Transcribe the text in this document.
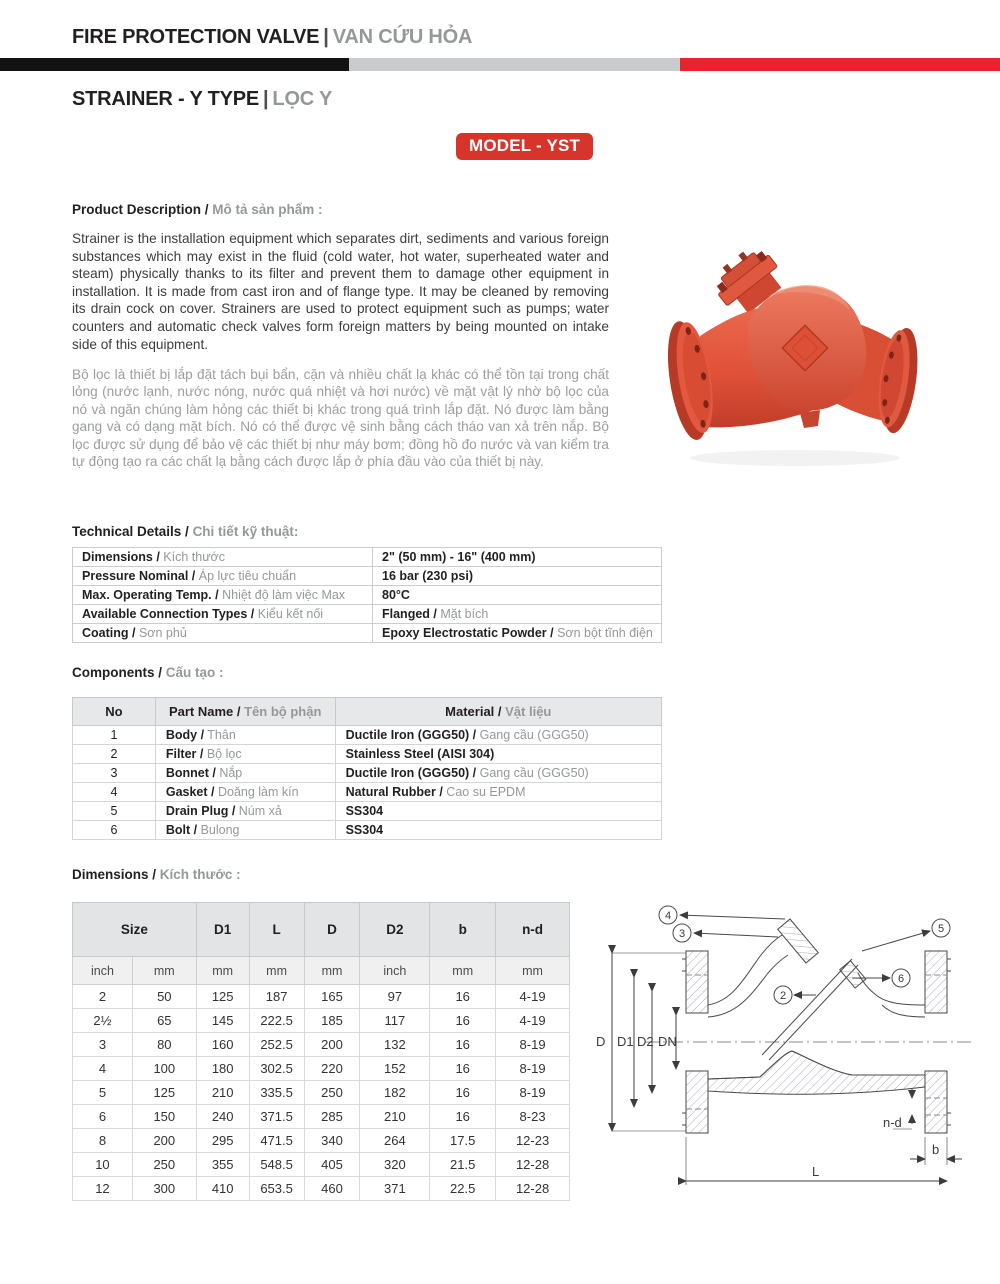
FIRE PROTECTION VALVE | VAN CỨU HỎA
STRAINER - Y TYPE | LỌC Y
MODEL - YST
Product Description / Mô tả sản phẩm :

Strainer is the installation equipment which separates dirt, sediments and various foreign substances which may exist in the fluid (cold water, hot water, superheated water and steam) physically thanks to its filter and prevent them to damage other equipment in installation. It is made from cast iron and of flange type. It may be cleaned by removing its drain cock on cover. Strainers are used to protect equipment such as pumps; water counters and automatic check valves form foreign matters by being mounted on intake side of this equipment.

Bộ lọc là thiết bị lắp đặt tách bụi bẩn, cặn và nhiều chất lạ khác có thể tồn tại trong chất lỏng (nước lạnh, nước nóng, nước quá nhiệt và hơi nước) về mặt vật lý nhờ bộ lọc của nó và ngăn chúng làm hỏng các thiết bị khác trong quá trình lắp đặt. Nó được làm bằng gang và có dạng mặt bích. Nó có thể được vệ sinh bằng cách tháo van xả trên nắp. Bộ lọc được sử dụng để bảo vệ các thiết bị như máy bơm; đồng hồ đo nước và van kiểm tra tự động tạo ra các chất lạ bằng cách được lắp ở phía đầu vào của thiết bị này.

Technical Details / Chi tiết kỹ thuật:
Dimensions / Kích thước	2" (50 mm) - 16" (400 mm)
Pressure Nominal / Áp lực tiêu chuẩn	16 bar (230 psi)
Max. Operating Temp. / Nhiệt độ làm việc Max	80°C
Available Connection Types / Kiểu kết nối	Flanged / Mặt bích
Coating / Sơn phủ	Epoxy Electrostatic Powder / Sơn bột tĩnh điện
Components / Cấu tạo :
No	Part Name / Tên bộ phận	Material / Vật liệu
1	Body / Thân	Ductile Iron (GGG50) / Gang cầu (GGG50)
2	Filter / Bộ lọc	Stainless Steel (AISI 304)
3	Bonnet / Nắp	Ductile Iron (GGG50) / Gang cầu (GGG50)
4	Gasket / Doăng làm kín	Natural Rubber / Cao su EPDM
5	Drain Plug / Núm xả	SS304
6	Bolt / Bulong	SS304
Dimensions / Kích thước :
Size		D1	L	D	D2	b	n-d
inch	mm	mm	mm	mm	inch	mm	mm
2	50	125	187	165	97	16	4-19
2½	65	145	222.5	185	117	16	4-19
3	80	160	252.5	200	132	16	8-19
4	100	180	302.5	220	152	16	8-19
5	125	210	335.5	250	182	16	8-19
6	150	240	371.5	285	210	16	8-23
8	200	295	471.5	340	264	17.5	12-23
10	250	355	548.5	405	320	21.5	12-28
12	300	410	653.5	460	371	22.5	12-28
4
3	5
6
2
D D1 D2 DN
n-d
b
L
